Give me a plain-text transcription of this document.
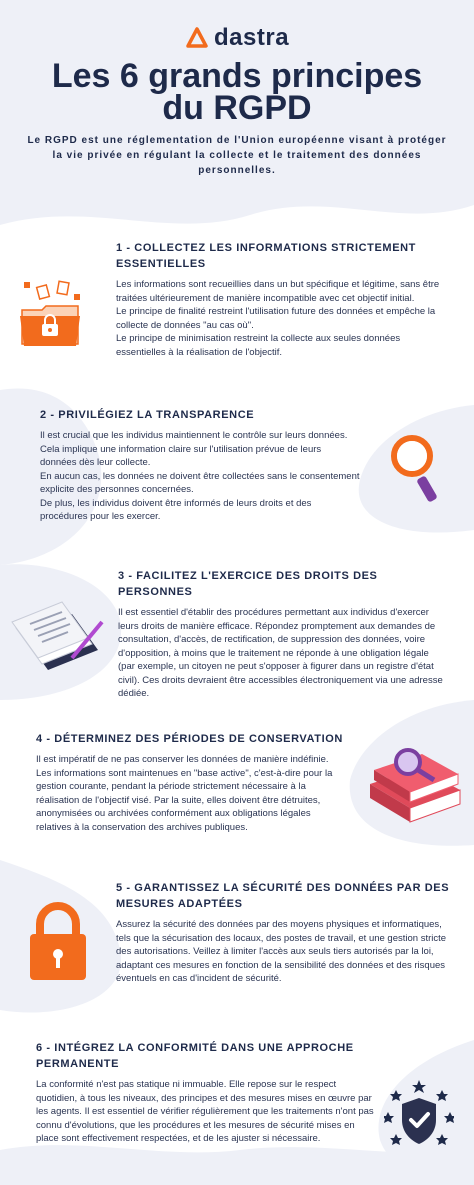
dastra
Les 6 grands principes
du RGPD
Le RGPD est une réglementation de l'Union européenne visant à protéger la vie privée en régulant la collecte et le traitement des données personnelles.
1 - COLLECTEZ LES INFORMATIONS STRICTEMENT ESSENTIELLES

Les informations sont recueillies dans un but spécifique et légitime, sans être traitées ultérieurement de manière incompatible avec cet objectif initial.

Le principe de finalité restreint l'utilisation future des données et empêche la collecte de données "au cas où".

Le principe de minimisation restreint la collecte aux seules données essentielles à la réalisation de l'objectif.

2 - PRIVILÉGIEZ LA TRANSPARENCE

Il est crucial que les individus maintiennent le contrôle sur leurs données.

Cela implique une information claire sur l'utilisation prévue de leurs données dès leur collecte.

En aucun cas, les données ne doivent être collectées sans le consentement explicite des personnes concernées.

De plus, les individus doivent être informés de leurs droits et des procédures pour les exercer.

3 - FACILITEZ L'EXERCICE DES DROITS DES PERSONNES

Il est essentiel d'établir des procédures permettant aux individus d'exercer leurs droits de manière efficace. Répondez promptement aux demandes de consultation, d'accès, de rectification, de suppression des données, voire d'opposition, à moins que le traitement ne réponde à une obligation légale (par exemple, un citoyen ne peut s'opposer à figurer dans un registre d'état civil). Ces droits devraient être accessibles électroniquement via une adresse dédiée.

4 - DÉTERMINEZ DES PÉRIODES DE CONSERVATION

Il est impératif de ne pas conserver les données de manière indéfinie. Les informations sont maintenues en "base active", c'est-à-dire pour la gestion courante, pendant la période strictement nécessaire à la réalisation de l'objectif visé. Par la suite, elles doivent être détruites, anonymisées ou archivées conformément aux obligations légales relatives à la conservation des archives publiques.

5 - GARANTISSEZ LA SÉCURITÉ DES DONNÉES PAR DES MESURES ADAPTÉES

Assurez la sécurité des données par des moyens physiques et informatiques, tels que la sécurisation des locaux, des postes de travail, et une gestion stricte des autorisations. Veillez à limiter l'accès aux seuls tiers autorisés par la loi, adaptant ces mesures en fonction de la sensibilité des données et des risques éventuels en cas d'incident de sécurité.

6 - INTÉGREZ LA CONFORMITÉ DANS UNE APPROCHE PERMANENTE

La conformité n'est pas statique ni immuable. Elle repose sur le respect quotidien, à tous les niveaux, des principes et des mesures mises en œuvre par les agents. Il est essentiel de vérifier régulièrement que les traitements n'ont pas connu d'évolutions, que les procédures et les mesures de sécurité mises en place sont effectivement respectées, et de les ajuster si nécessaire.
